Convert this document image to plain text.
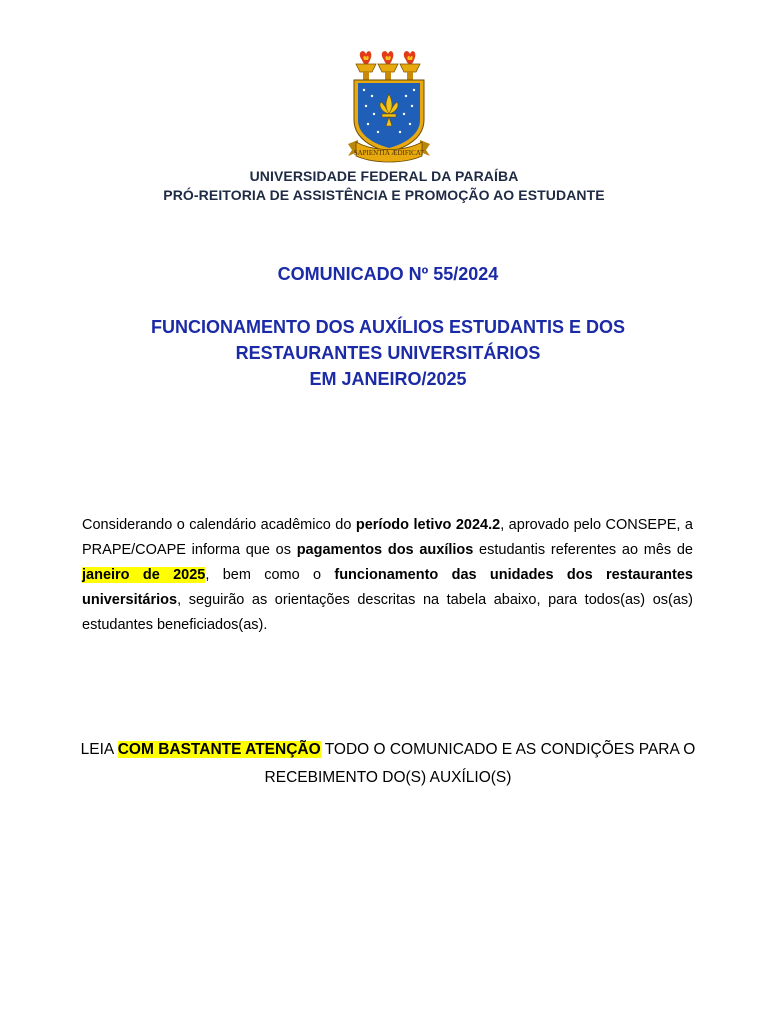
SAPIENTIA ÆDIFICAT
UNIVERSIDADE FEDERAL DA PARAÍBA
PRÓ-REITORIA DE ASSISTÊNCIA E PROMOÇÃO AO ESTUDANTE
COMUNICADO Nº 55/2024
FUNCIONAMENTO DOS AUXÍLIOS ESTUDANTIS E DOS
RESTAURANTES UNIVERSITÁRIOS
EM JANEIRO/2025
Considerando o calendário acadêmico do período letivo 2024.2, aprovado pelo CONSEPE, a PRAPE/COAPE informa que os pagamentos dos auxílios estudantis referentes ao mês de janeiro de 2025, bem como o funcionamento das unidades dos restaurantes universitários, seguirão as orientações descritas na tabela abaixo, para todos(as) os(as) estudantes beneficiados(as).
LEIA COM BASTANTE ATENÇÃO TODO O COMUNICADO E AS CONDIÇÕES PARA O RECEBIMENTO DO(S) AUXÍLIO(S)
